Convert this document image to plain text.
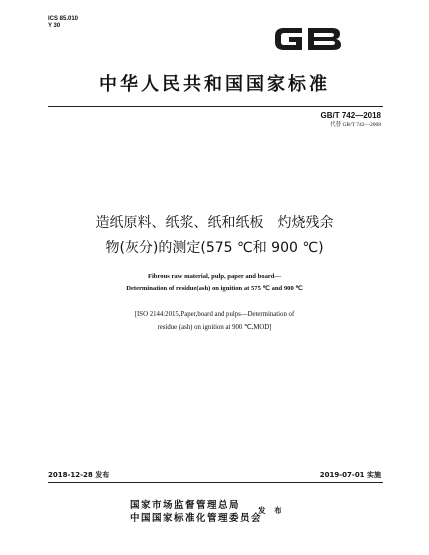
ICS 85.010
Y 30
中华人民共和国国家标准
GB/T 742—2018
代替 GB/T 742—2008
造纸原料、纸浆、纸和纸板　灼烧残余
物(灰分)的测定(575 ℃和 900 ℃)
Fibrous raw material, pulp, paper and board—
Determination of residue(ash) on ignition at 575 ℃ and 900 ℃
[ISO 2144:2015,Paper,board and pulps—Determination of
residue (ash) on ignition at 900 ℃,MOD]
2018-12-28 发布	2019-07-01 实施
国家市场监督管理总局
中国国家标准化管理委员会
发 布
